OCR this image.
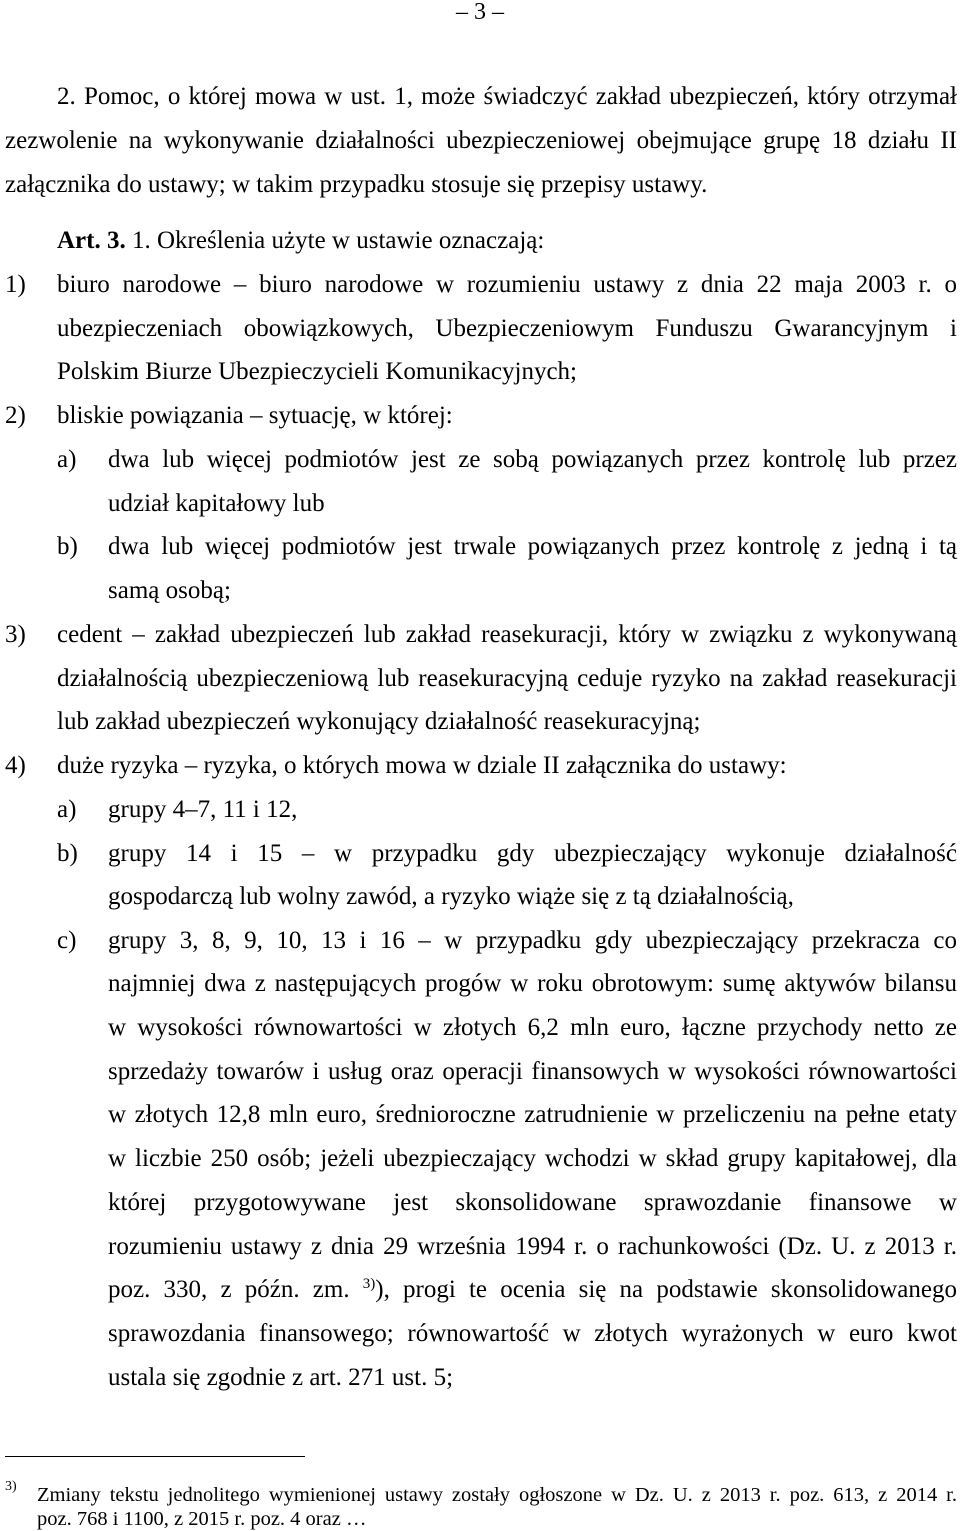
– 3 –
2. Pomoc, o której mowa w ust. 1, może świadczyć zakład ubezpieczeń, który otrzymał
zezwolenie na wykonywanie działalności ubezpieczeniowej obejmujące grupę 18 działu II
załącznika do ustawy; w takim przypadku stosuje się przepisy ustawy.
Art. 3. 1. Określenia użyte w ustawie oznaczają:
1) biuro narodowe – biuro narodowe w rozumieniu ustawy z dnia 22 maja 2003 r. o
ubezpieczeniach obowiązkowych, Ubezpieczeniowym Funduszu Gwarancyjnym i
Polskim Biurze Ubezpieczycieli Komunikacyjnych;
2) bliskie powiązania – sytuację, w której:
a) dwa lub więcej podmiotów jest ze sobą powiązanych przez kontrolę lub przez
udział kapitałowy lub
b) dwa lub więcej podmiotów jest trwale powiązanych przez kontrolę z jedną i tą
samą osobą;
3) cedent – zakład ubezpieczeń lub zakład reasekuracji, który w związku z wykonywaną
działalnością ubezpieczeniową lub reasekuracyjną ceduje ryzyko na zakład reasekuracji
lub zakład ubezpieczeń wykonujący działalność reasekuracyjną;
4) duże ryzyka – ryzyka, o których mowa w dziale II załącznika do ustawy:
a) grupy 4–7, 11 i 12,
b) grupy 14 i 15 – w przypadku gdy ubezpieczający wykonuje działalność
gospodarczą lub wolny zawód, a ryzyko wiąże się z tą działalnością,
c) grupy 3, 8, 9, 10, 13 i 16 – w przypadku gdy ubezpieczający przekracza co
najmniej dwa z następujących progów w roku obrotowym: sumę aktywów bilansu
w wysokości równowartości w złotych 6,2 mln euro, łączne przychody netto ze
sprzedaży towarów i usług oraz operacji finansowych w wysokości równowartości
w złotych 12,8 mln euro, średnioroczne zatrudnienie w przeliczeniu na pełne etaty
w liczbie 250 osób; jeżeli ubezpieczający wchodzi w skład grupy kapitałowej, dla
której przygotowywane jest skonsolidowane sprawozdanie finansowe w
rozumieniu ustawy z dnia 29 września 1994 r. o rachunkowości (Dz. U. z 2013 r.
poz. 330, z późn. zm. $^{3)}$), progi te ocenia się na podstawie skonsolidowanego
sprawozdania finansowego; równowartość w złotych wyrażonych w euro kwot
ustala się zgodnie z art. 271 ust. 5;
3) Zmiany tekstu jednolitego wymienionej ustawy zostały ogłoszone w Dz. U. z 2013 r. poz. 613, z 2014 r.
poz. 768 i 1100, z 2015 r. poz. 4 oraz …
